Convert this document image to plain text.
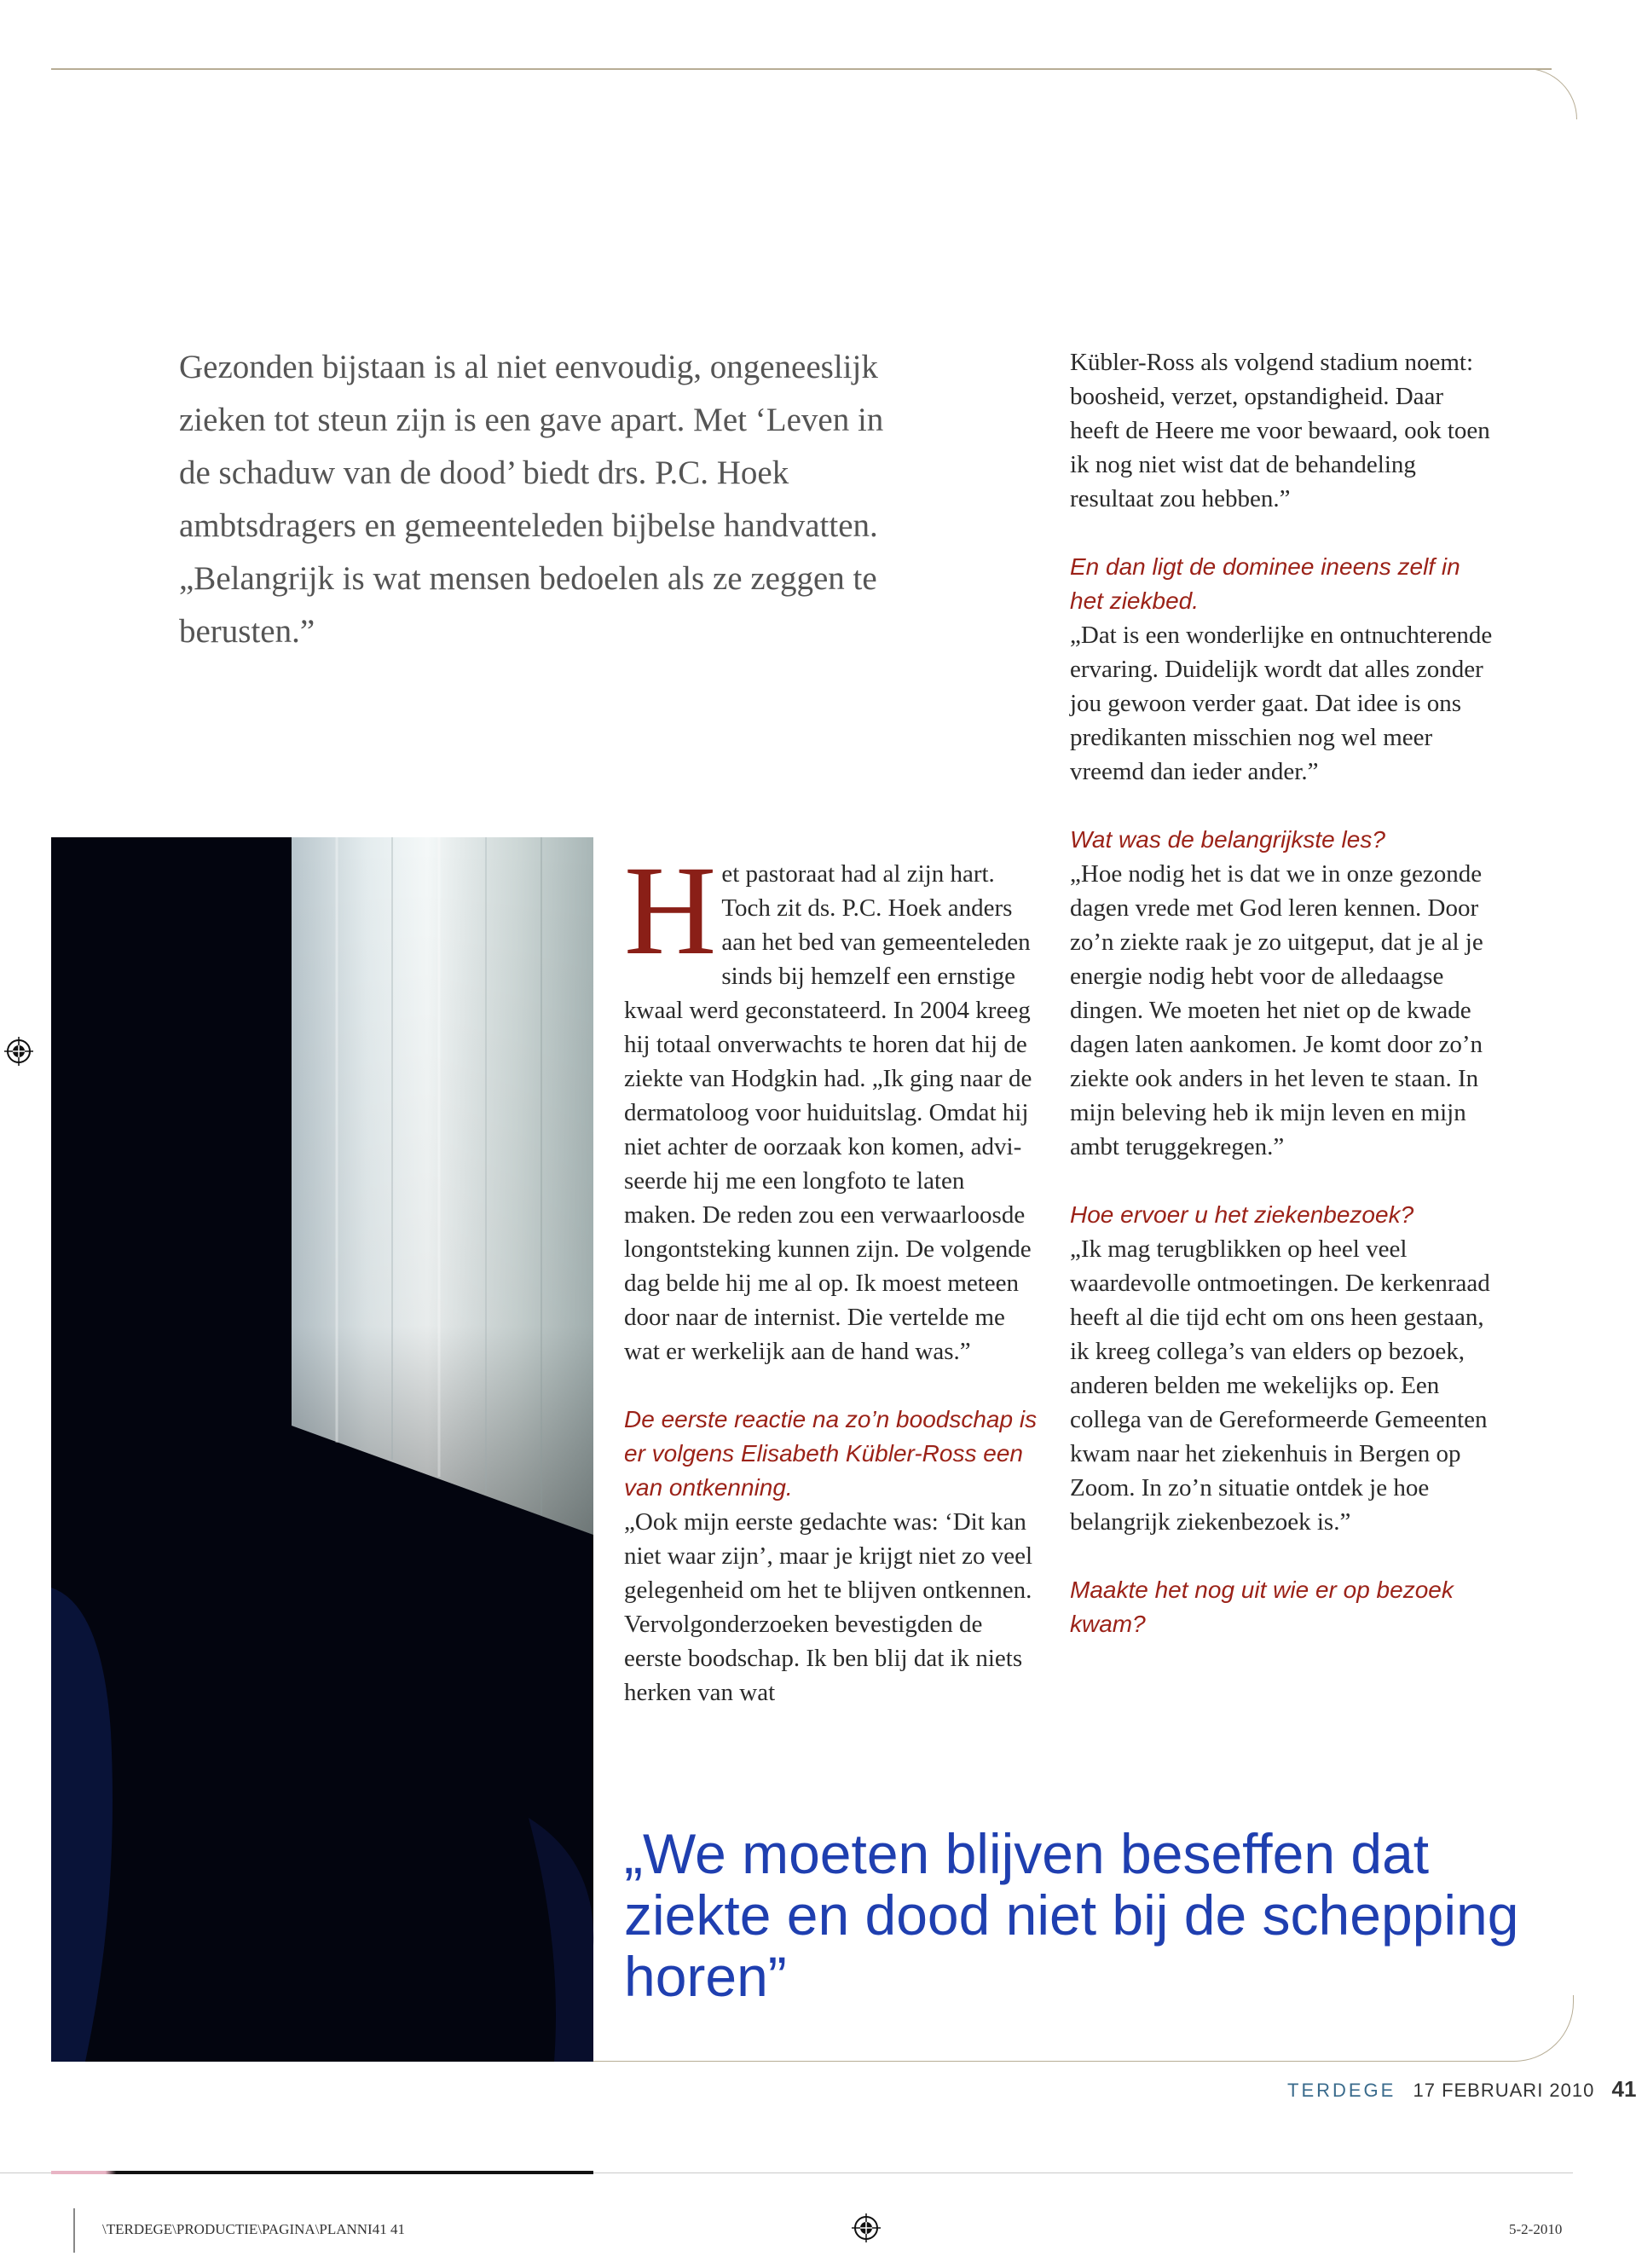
Gezonden bijstaan is al niet eenvoudig, ongeneeslijk zieken tot steun zijn is een gave apart. Met ‘Leven in de schaduw van de dood’ biedt drs. P.C. Hoek ambtsdragers en gemeenteleden bijbelse handvatten. „Belangrijk is wat mensen bedoelen als ze zeggen te berusten.”

Het pastoraat had al zijn hart. Toch zit ds. P.C. Hoek anders aan het bed van gemeenteleden sinds bij hemzelf een ernstige kwaal werd geconstateerd. In 2004 kreeg hij totaal onverwachts te horen dat hij de ziekte van Hodgkin had. „Ik ging naar de dermatoloog voor huiduitslag. Omdat hij niet achter de oorzaak kon komen, adviseerde hij me een longfoto te laten maken. De reden zou een verwaarloosde longontsteking kunnen zijn. De volgende dag belde hij me al op. Ik moest meteen door naar de internist. Die vertelde me wat er werkelijk aan de hand was.”

De eerste reactie na zo’n boodschap is er volgens Elisabeth Kübler-Ross een van ontkenning.

„Ook mijn eerste gedachte was: ‘Dit kan niet waar zijn’, maar je krijgt niet zo veel gelegenheid om het te blijven ontkennen. Vervolgonderzoeken bevestigden de eerste boodschap. Ik ben blij dat ik niets herken van wat

Kübler-Ross als volgend stadium noemt: boosheid, verzet, opstandigheid. Daar heeft de Heere me voor bewaard, ook toen ik nog niet wist dat de behandeling resultaat zou hebben.”

En dan ligt de dominee ineens zelf in het ziekbed.

„Dat is een wonderlijke en ontnuchterende ervaring. Duidelijk wordt dat alles zonder jou gewoon verder gaat. Dat idee is ons predikanten misschien nog wel meer vreemd dan ieder ander.”

Wat was de belangrijkste les?

„Hoe nodig het is dat we in onze gezonde dagen vrede met God leren kennen. Door zo’n ziekte raak je zo uitgeput, dat je al je energie nodig hebt voor de alledaagse dingen. We moeten het niet op de kwade dagen laten aankomen. Je komt door zo’n ziekte ook anders in het leven te staan. In mijn beleving heb ik mijn leven en mijn ambt teruggekregen.”

Hoe ervoer u het ziekenbezoek?

„Ik mag terugblikken op heel veel waardevolle ontmoetingen. De kerkenraad heeft al die tijd echt om ons heen gestaan, ik kreeg collega’s van elders op bezoek, anderen belden me wekelijks op. Een collega van de Gereformeerde Gemeenten kwam naar het ziekenhuis in Bergen op Zoom. In zo’n situatie ontdek je hoe belangrijk ziekenbezoek is.”

Maakte het nog uit wie er op bezoek kwam?

„We moeten blijven beseffen dat ziekte en dood niet bij de schepping horen”

TERDEGE 17 FEBRUARI 2010 41
\TERDEGE\PRODUCTIE\PAGINA\PLANNI41 41	5-2-2010
